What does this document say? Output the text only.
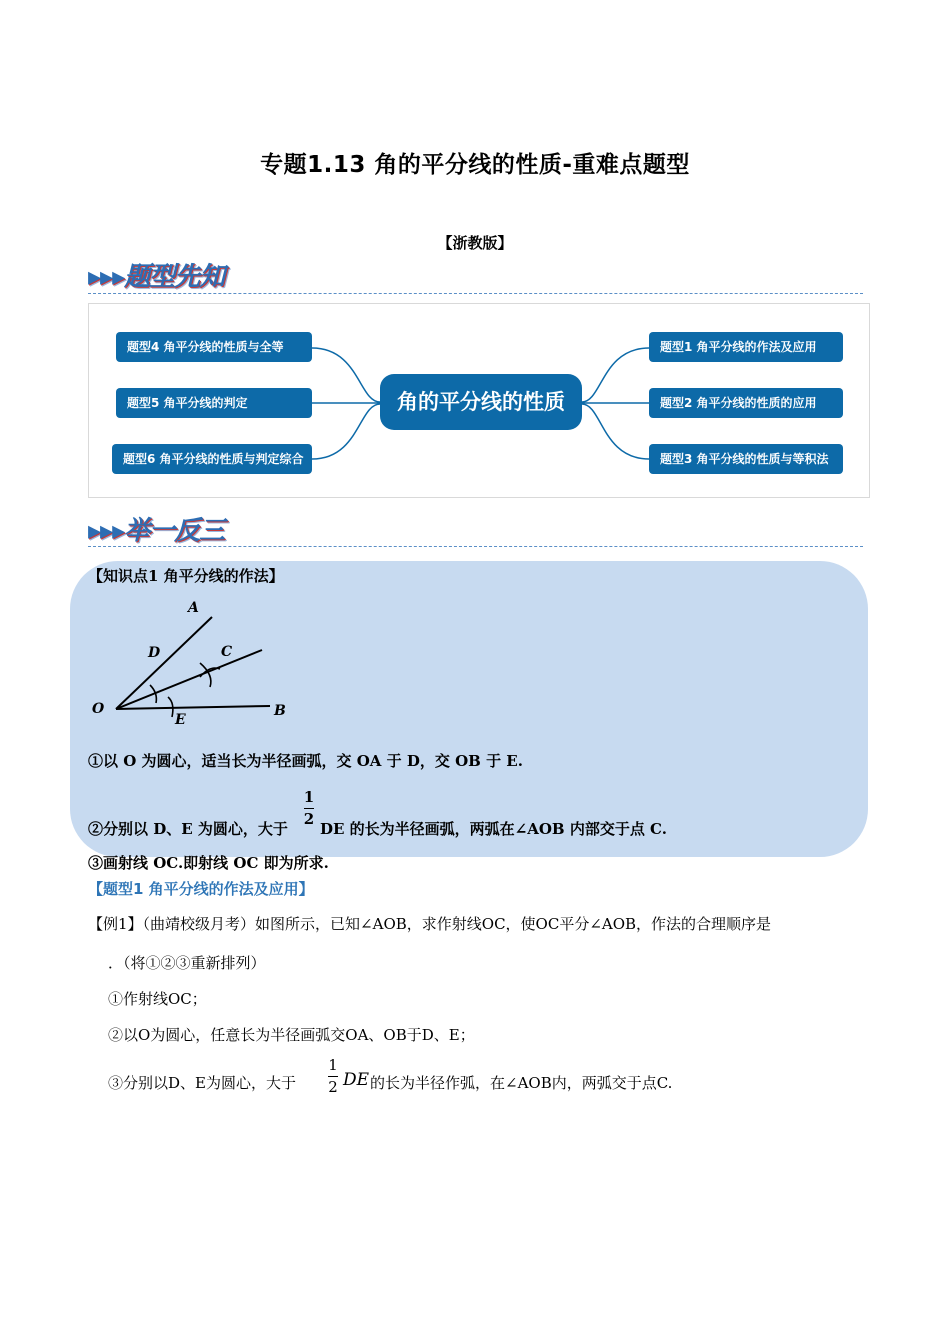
专题1.13 角的平分线的性质-重难点题型
【浙教版】
▸▸▸题型先知
角的平分线的性质
题型4 角平分线的性质与全等
题型5 角平分线的判定
题型6 角平分线的性质与判定综合
题型1 角平分线的作法及应用
题型2 角平分线的性质的应用
题型3 角平分线的性质与等积法
▸▸▸举一反三
【知识点1 角平分线的作法】
A
D	C
O
E
B
①以 O 为圆心，适当长为半径画弧，交 OA 于 D，交 OB 于 E.
②分别以 D、E 为圆心，大于
1
2
DE 的长为半径画弧，两弧在∠AOB 内部交于点 C.
③画射线 OC.即射线 OC 即为所求.
【题型1 角平分线的作法及应用】
【例1】（曲靖校级月考）如图所示，已知∠AOB，求作射线OC，使OC平分∠AOB，作法的合理顺序是
．（将①②③重新排列）
①作射线OC；
②以O为圆心，任意长为半径画弧交OA、OB于D、E；
③分别以D、E为圆心，大于
1
2 DE 的长为半径作弧，在∠AOB内，两弧交于点C.
